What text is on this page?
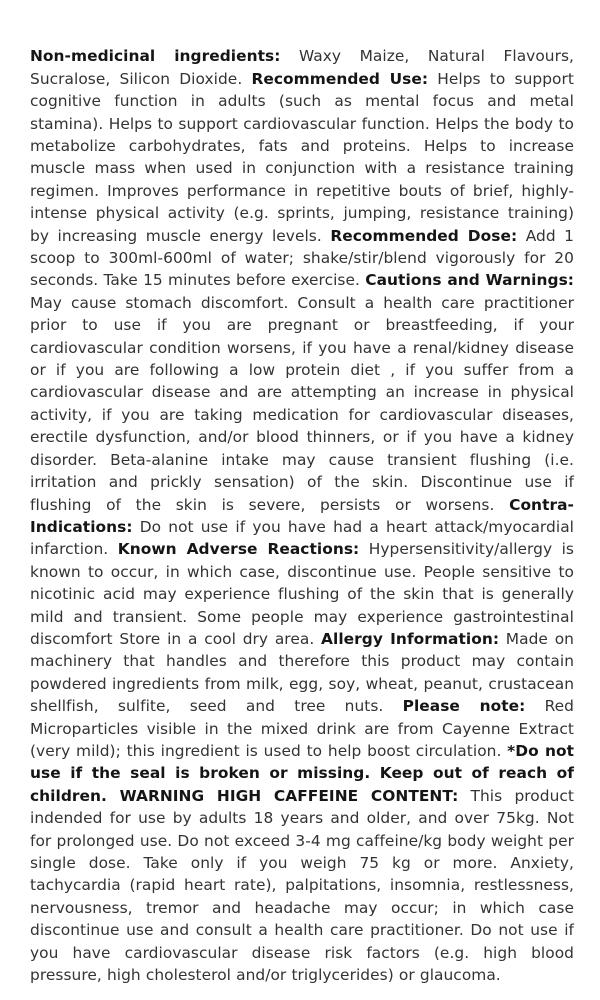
Non-medicinal ingredients: Waxy Maize, Natural Flavours, Sucralose, Silicon Dioxide. Recommended Use: Helps to support cognitive function in adults (such as mental focus and metal stamina). Helps to support cardiovascular function. Helps the body to metabolize carbohydrates, fats and proteins. Helps to increase muscle mass when used in conjunction with a resistance training regimen. Improves performance in repetitive bouts of brief, highly-intense physical activity (e.g. sprints, jumping, resistance training) by increasing muscle energy levels. Recommended Dose: Add 1 scoop to 300ml-600ml of water; shake/stir/blend vigorously for 20 seconds. Take 15 minutes before exercise. Cautions and Warnings: May cause stomach discomfort. Consult a health care practitioner prior to use if you are pregnant or breastfeeding, if your cardiovascular condition worsens, if you have a renal/kidney disease or if you are following a low protein diet , if you suffer from a cardiovascular disease and are attempting an increase in physical activity, if you are taking medication for cardiovascular diseases, erectile dysfunction, and/or blood thinners, or if you have a kidney disorder. Beta-alanine intake may cause transient flushing (i.e. irritation and prickly sensation) of the skin. Discontinue use if flushing of the skin is severe, persists or worsens. Contra-Indications: Do not use if you have had a heart attack/myocardial infarction. Known Adverse Reactions: Hypersensitivity/allergy is known to occur, in which case, discontinue use. People sensitive to nicotinic acid may experience flushing of the skin that is generally mild and transient. Some people may experience gastrointestinal discomfort Store in a cool dry area. Allergy Information: Made on machinery that handles and therefore this product may contain powdered ingredients from milk, egg, soy, wheat, peanut, crustacean shellfish, sulfite, seed and tree nuts. Please note: Red Microparticles visible in the mixed drink are from Cayenne Extract (very mild); this ingredient is used to help boost circulation. *Do not use if the seal is broken or missing. Keep out of reach of children. WARNING HIGH CAFFEINE CONTENT: This product indended for use by adults 18 years and older, and over 75kg. Not for prolonged use. Do not exceed 3-4 mg caffeine/kg body weight per single dose. Take only if you weigh 75 kg or more. Anxiety, tachycardia (rapid heart rate), palpitations, insomnia, restlessness, nervousness, tremor and headache may occur; in which case discontinue use and consult a health care practitioner. Do not use if you have cardiovascular disease risk factors (e.g. high blood pressure, high cholesterol and/or triglycerides) or glaucoma.
